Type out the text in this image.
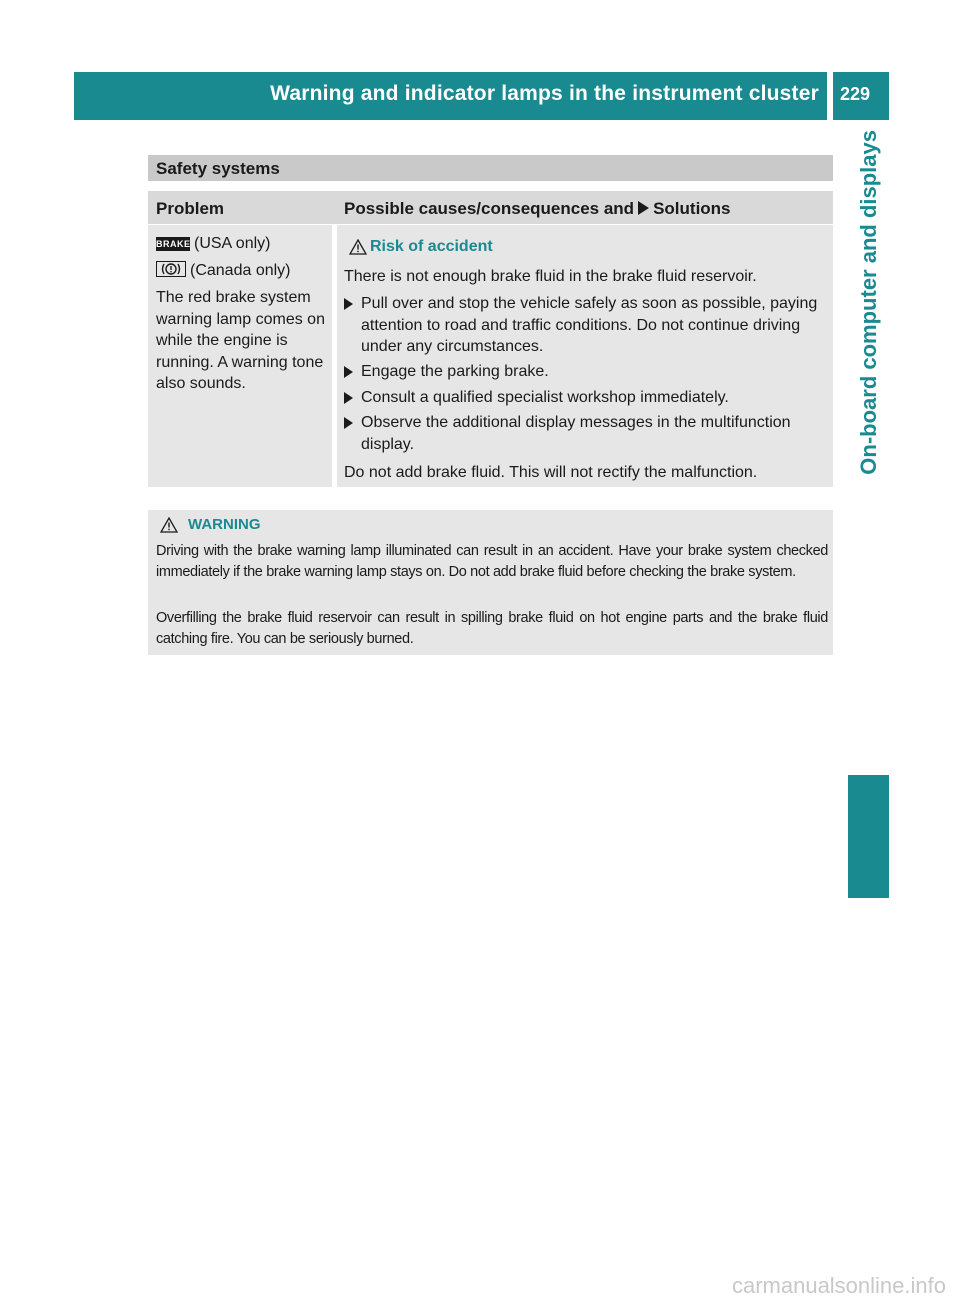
Warning and indicator lamps in the instrument cluster 229
On-board computer and displays
Safety systems
Problem	Possible causes/consequences and Solutions
BRAKE (USA only)
(Canada only)
The red brake system warning lamp comes on while the engine is running. A warning tone also sounds.
Risk of accident
There is not enough brake fluid in the brake fluid reservoir.
Pull over and stop the vehicle safely as soon as possible, paying attention to road and traffic conditions. Do not continue driving under any circumstances.
Engage the parking brake.
Consult a qualified specialist workshop immediately.
Observe the additional display messages in the multifunction display.
Do not add brake fluid. This will not rectify the malfunction.
WARNING
Driving with the brake warning lamp illuminated can result in an accident. Have your brake system checked immediately if the brake warning lamp stays on. Do not add brake fluid before checking the brake system.
Overfilling the brake fluid reservoir can result in spilling brake fluid on hot engine parts and the brake fluid catching fire. You can be seriously burned.
carmanualsonline.info
